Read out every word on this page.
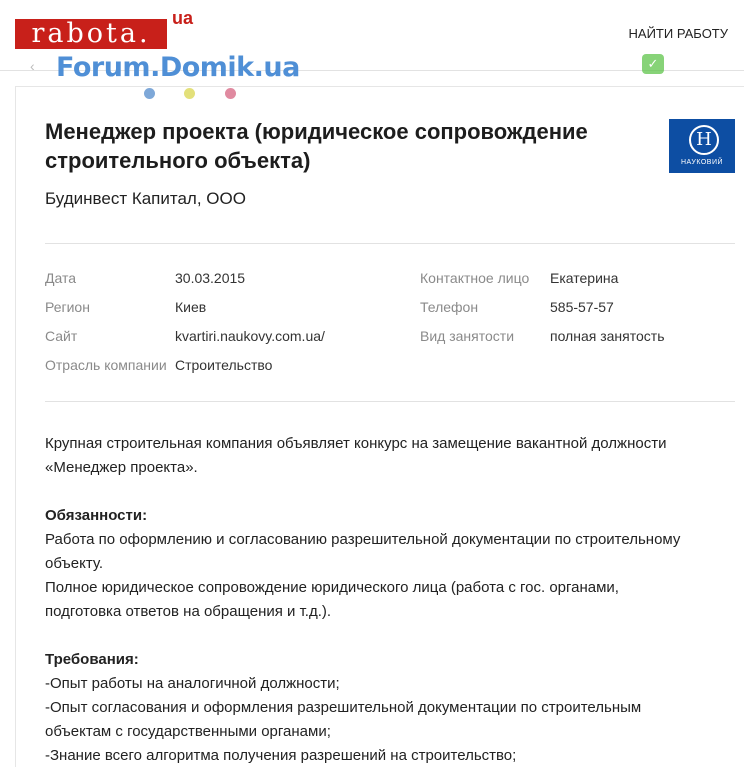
rabota.	ua
НАЙТИ РАБОТУ
‹	✓
Forum.Domik.ua
Менеджер проекта (юридическое сопровождение строительного объекта)
Н
НАУКОВИЙ
Будинвест Капитал, ООО
Дата	30.03.2015	Контактное лицо Екатерина
Регион	Киев	Телефон	585-57-57
Сайт	kvartiri.naukovy.com.ua/	Вид занятости	полная занятость
Отрасль компании Строительство

Крупная строительная компания объявляет конкурс на замещение вакантной должности

«Менеджер проекта».

Обязанности:

Работа по оформлению и согласованию разрешительной документации по строительному

объекту.

Полное юридическое сопровождение юридического лица (работа с гос. органами,

подготовка ответов на обращения и т.д.).

Требования:

-Опыт работы на аналогичной должности;

-Опыт согласования и оформления разрешительной документации по строительным

объектам с государственными органами;

-Знание всего алгоритма получения разрешений на строительство;
